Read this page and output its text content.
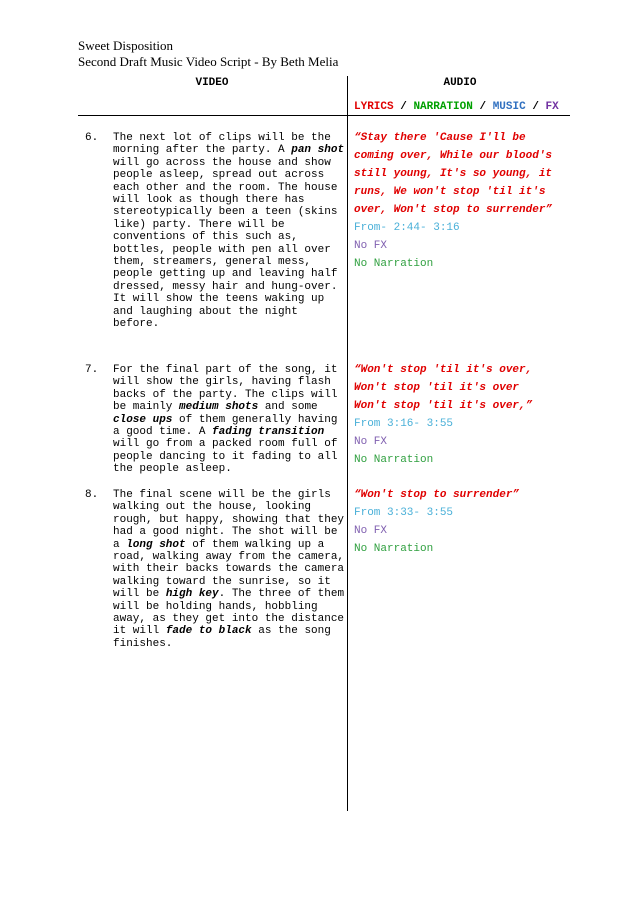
Sweet Disposition
Second Draft Music Video Script - By Beth Melia
VIDEO	AUDIO
LYRICS / NARRATION / MUSIC / FX
6. The next lot of clips will be the
morning after the party. A pan shot
will go across the house and show
people asleep, spread out across
each other and the room. The house
will look as though there has
stereotypically been a teen (skins
like) party. There will be
conventions of this such as,
bottles, people with pen all over
them, streamers, general mess,
people getting up and leaving half
dressed, messy hair and hung-over.
It will show the teens waking up
and laughing about the night
before.
“Stay there 'Cause I'll be
coming over, While our blood's
still young, It's so young, it
runs, We won't stop 'til it's
over, Won't stop to surrender”
From- 2:44- 3:16
No FX
No Narration
7. For the final part of the song, it
will show the girls, having flash
backs of the party. The clips will
be mainly medium shots and some
close ups of them generally having
a good time. A fading transition
will go from a packed room full of
people dancing to it fading to all
the people asleep.
“Won't stop 'til it's over,
Won't stop 'til it's over
Won't stop 'til it's over,”
From 3:16- 3:55
No FX
No Narration
8. The final scene will be the girls
walking out the house, looking
rough, but happy, showing that they
had a good night. The shot will be
a long shot of them walking up a
road, walking away from the camera,
with their backs towards the camera
walking toward the sunrise, so it
will be high key. The three of them
will be holding hands, hobbling
away, as they get into the distance
it will fade to black as the song
finishes.
“Won't stop to surrender”
From 3:33- 3:55
No FX
No Narration
